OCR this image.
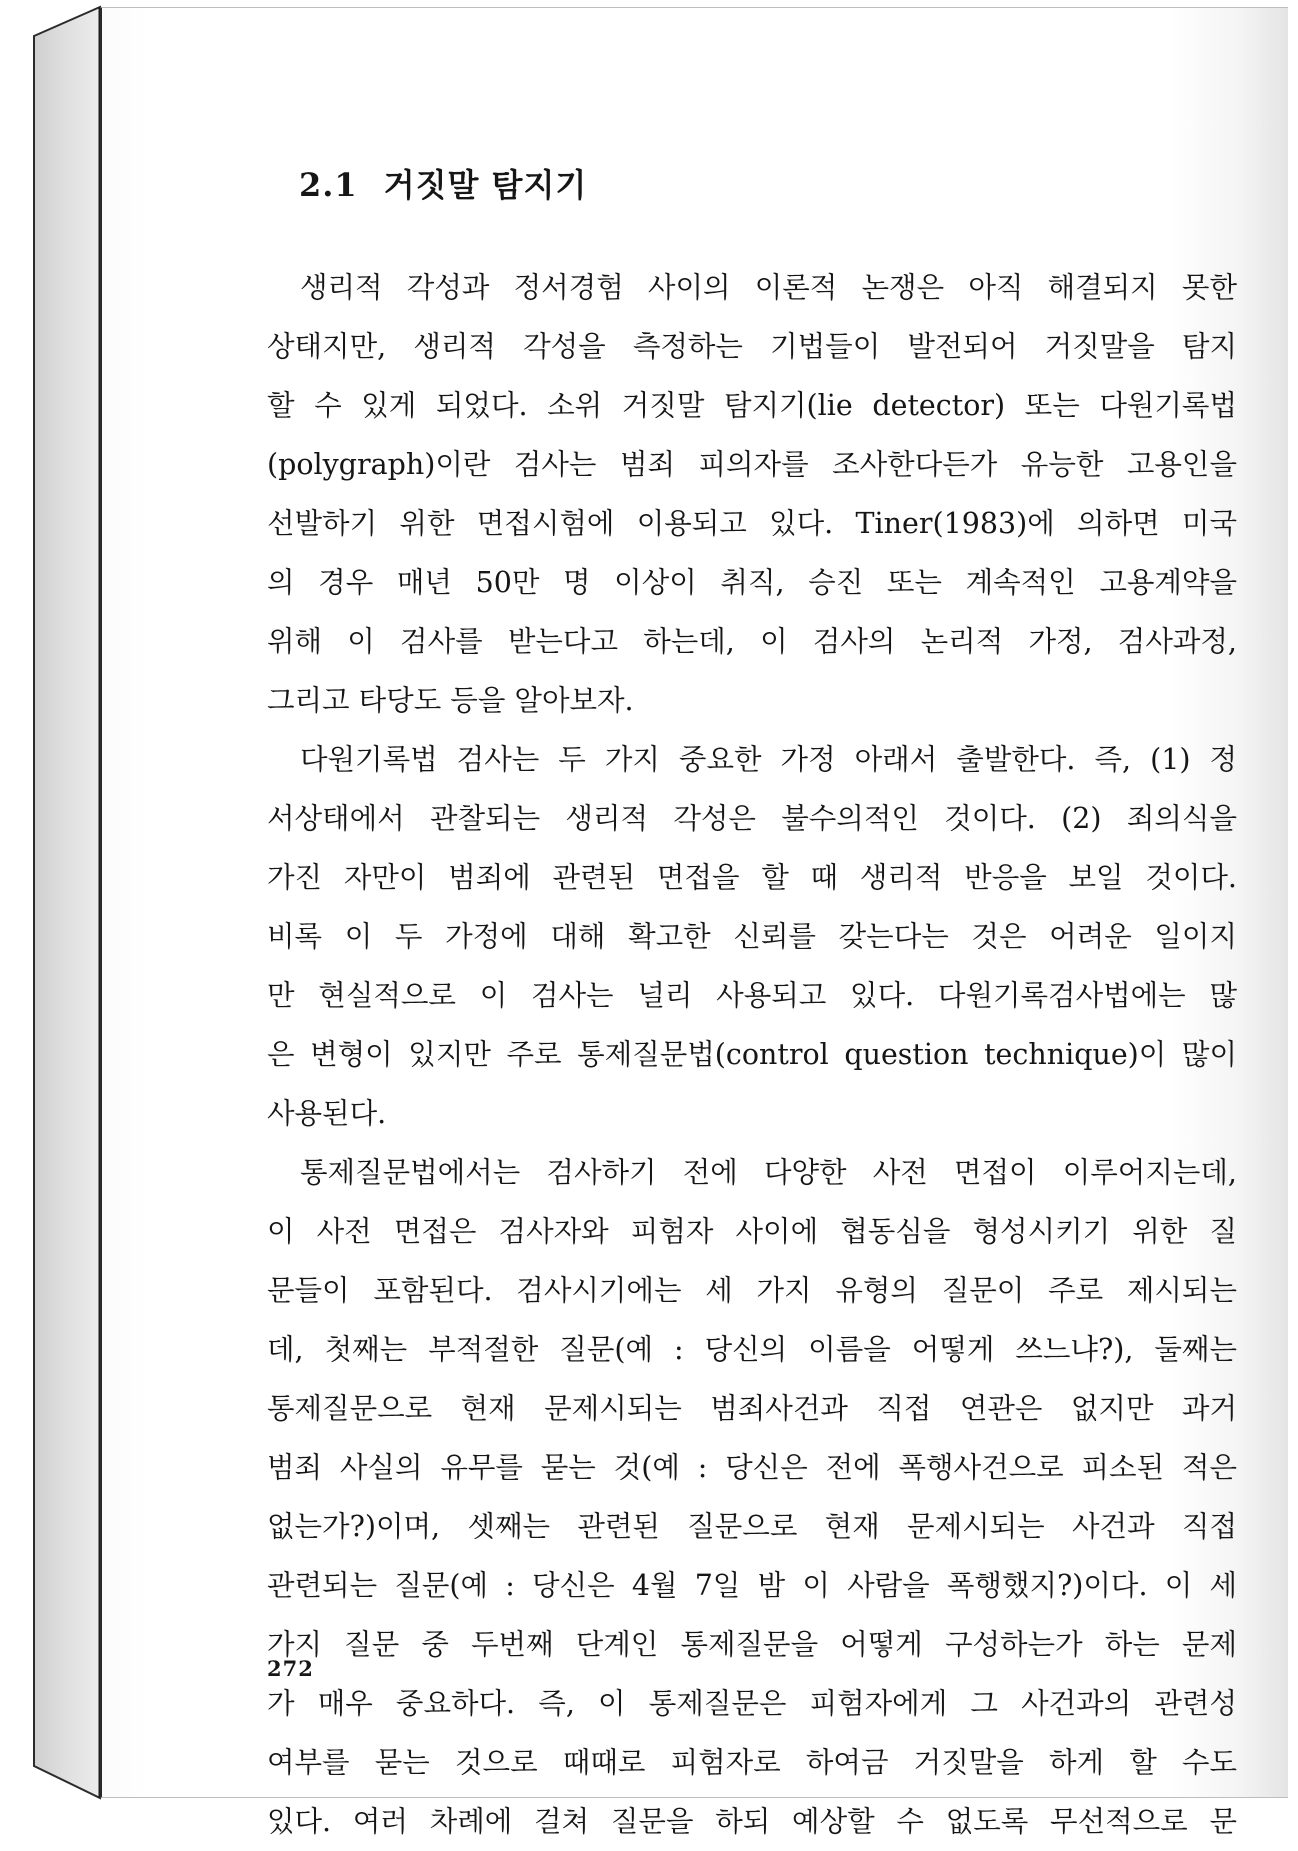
2.1 거짓말 탐지기
생리적 각성과 정서경험 사이의 이론적 논쟁은 아직 해결되지 못한
상태지만, 생리적 각성을 측정하는 기법들이 발전되어 거짓말을 탐지
할 수 있게 되었다. 소위 거짓말 탐지기(lie detector) 또는 다원기록법
(polygraph)이란 검사는 범죄 피의자를 조사한다든가 유능한 고용인을
선발하기 위한 면접시험에 이용되고 있다. Tiner(1983)에 의하면 미국
의 경우 매년 50만 명 이상이 취직, 승진 또는 계속적인 고용계약을
위해 이 검사를 받는다고 하는데, 이 검사의 논리적 가정, 검사과정,
그리고 타당도 등을 알아보자.
다원기록법 검사는 두 가지 중요한 가정 아래서 출발한다. 즉, (1) 정
서상태에서 관찰되는 생리적 각성은 불수의적인 것이다. (2) 죄의식을
가진 자만이 범죄에 관련된 면접을 할 때 생리적 반응을 보일 것이다.
비록 이 두 가정에 대해 확고한 신뢰를 갖는다는 것은 어려운 일이지
만 현실적으로 이 검사는 널리 사용되고 있다. 다원기록검사법에는 많
은 변형이 있지만 주로 통제질문법(control question technique)이 많이
사용된다.
통제질문법에서는 검사하기 전에 다양한 사전 면접이 이루어지는데,
이 사전 면접은 검사자와 피험자 사이에 협동심을 형성시키기 위한 질
문들이 포함된다. 검사시기에는 세 가지 유형의 질문이 주로 제시되는
데, 첫째는 부적절한 질문(예 : 당신의 이름을 어떻게 쓰느냐?), 둘째는
통제질문으로 현재 문제시되는 범죄사건과 직접 연관은 없지만 과거
범죄 사실의 유무를 묻는 것(예 : 당신은 전에 폭행사건으로 피소된 적은
없는가?)이며, 셋째는 관련된 질문으로 현재 문제시되는 사건과 직접
관련되는 질문(예 : 당신은 4월 7일 밤 이 사람을 폭행했지?)이다. 이 세
가지 질문 중 두번째 단계인 통제질문을 어떻게 구성하는가 하는 문제
가 매우 중요하다. 즉, 이 통제질문은 피험자에게 그 사건과의 관련성
여부를 묻는 것으로 때때로 피험자로 하여금 거짓말을 하게 할 수도
있다. 여러 차례에 걸쳐 질문을 하되 예상할 수 없도록 무선적으로 문
272
